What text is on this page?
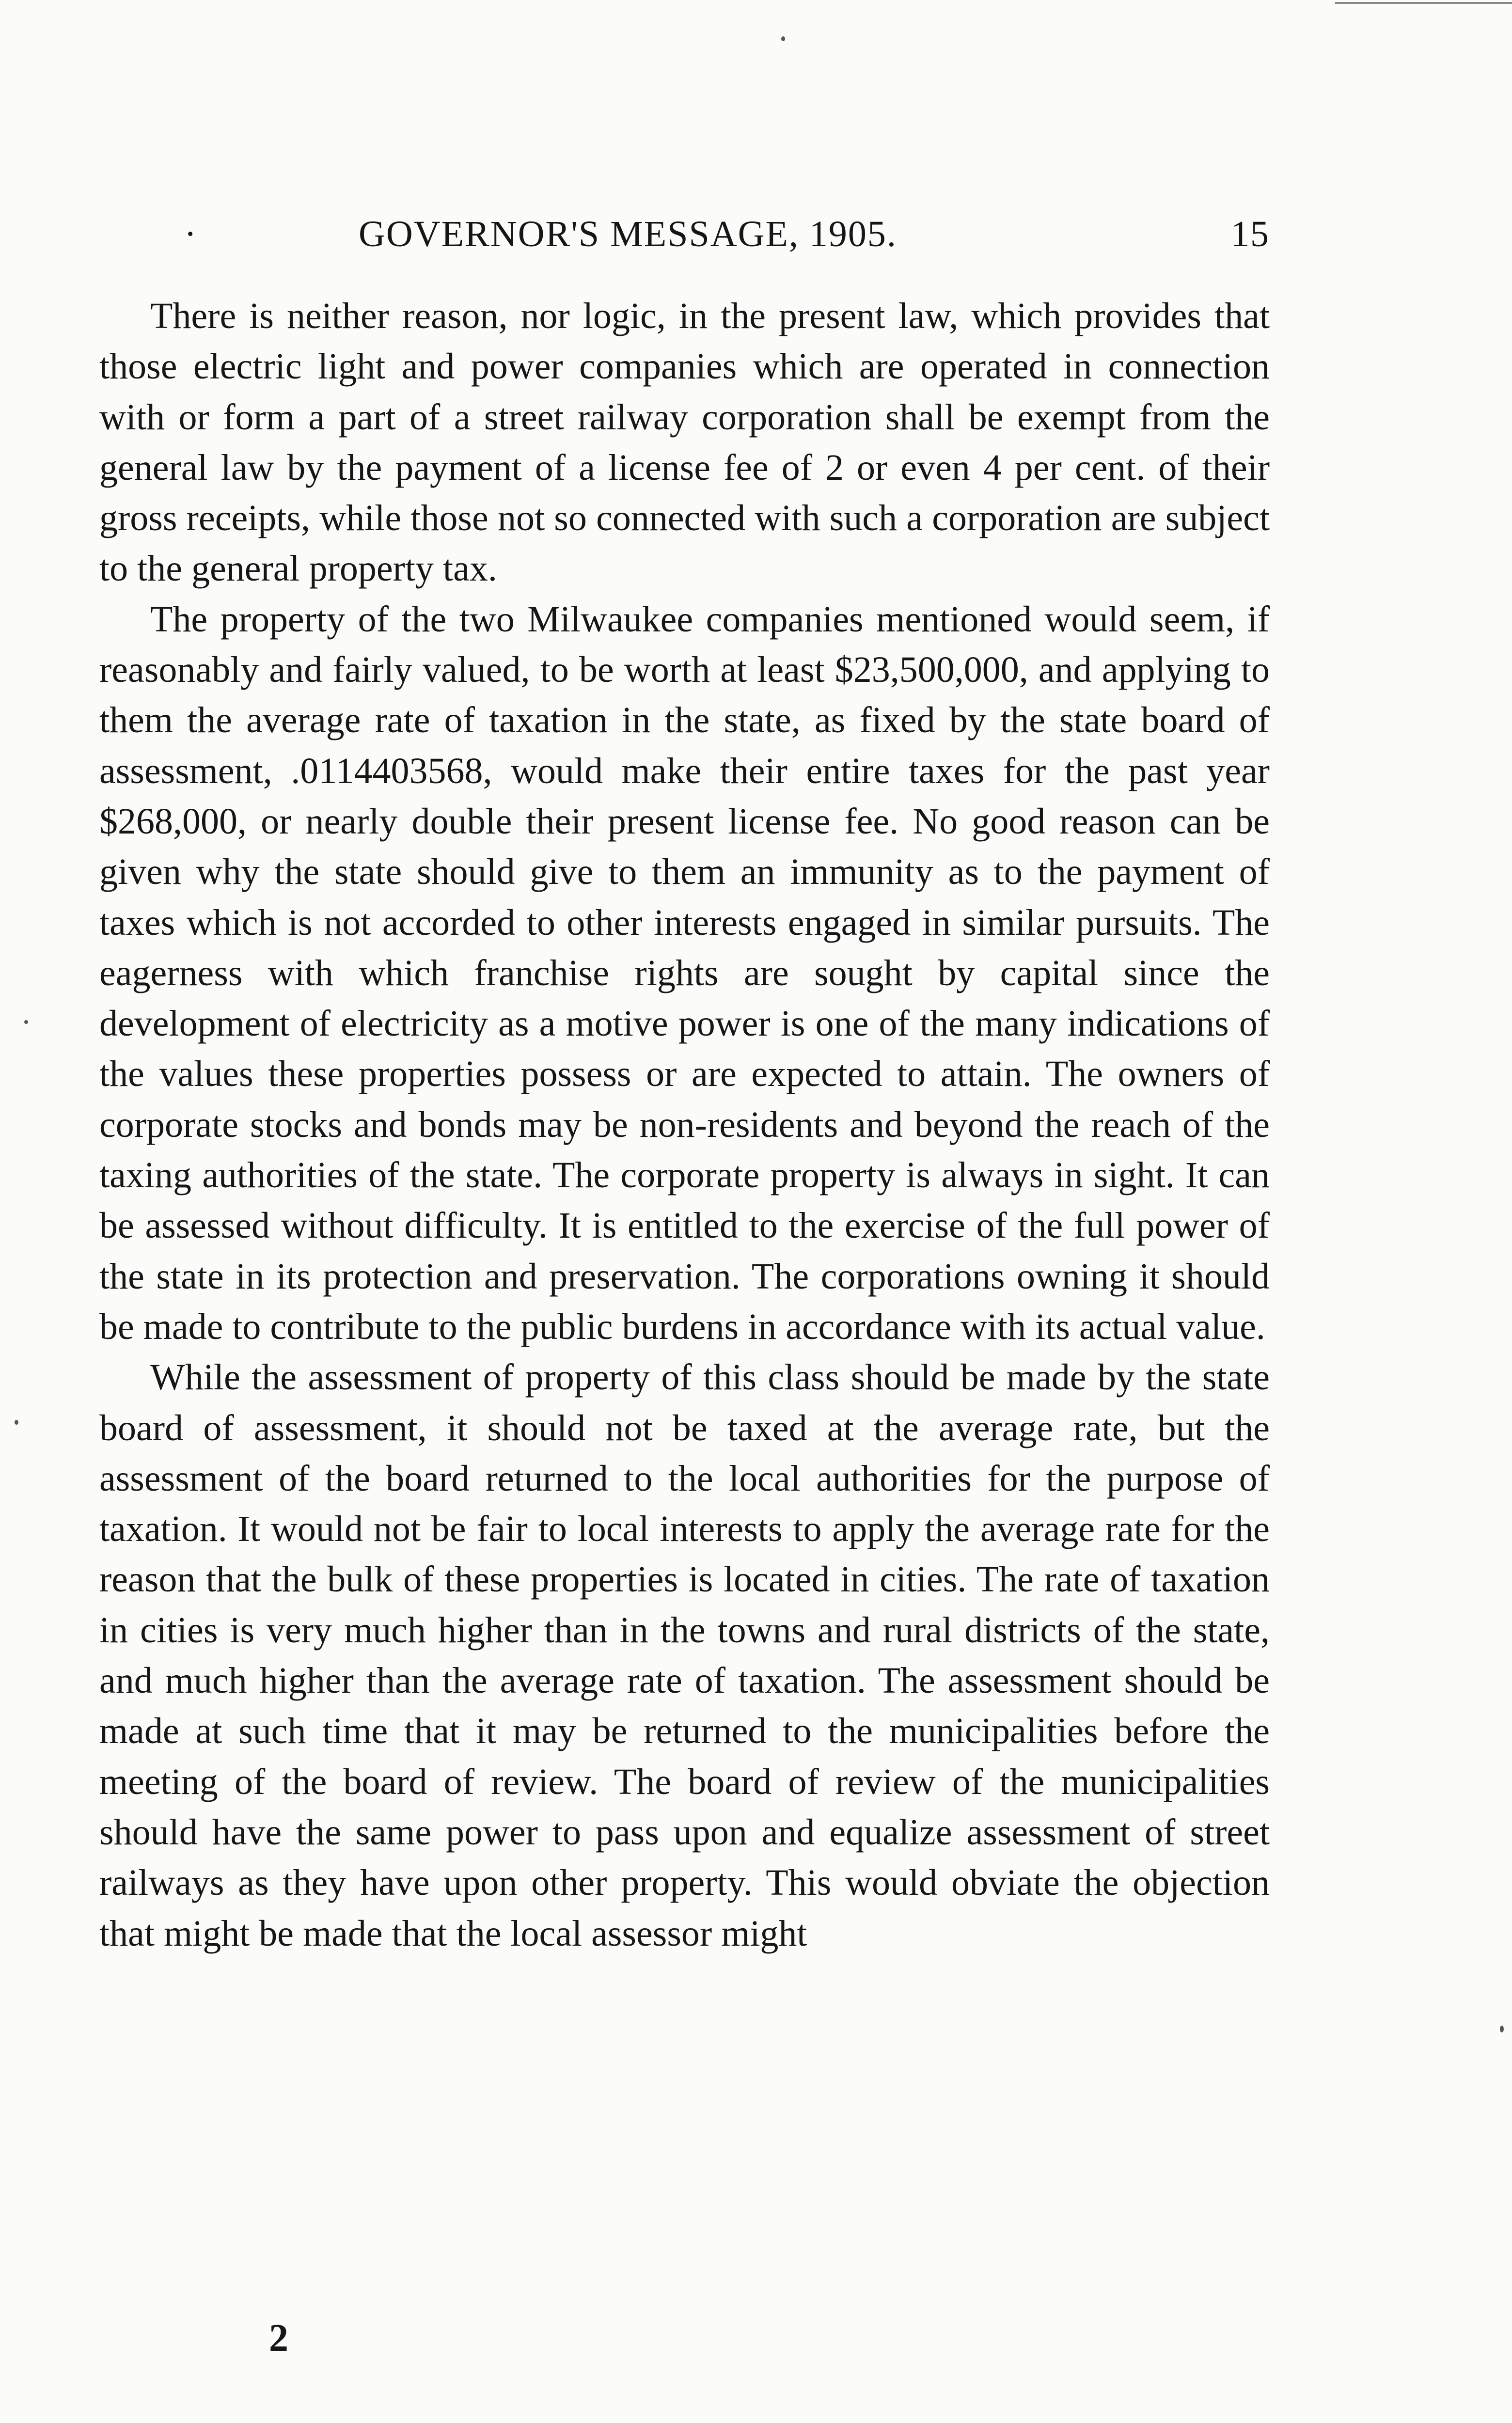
·	GOVERNOR'S MESSAGE, 1905.	15

There is neither reason, nor logic, in the present law, which provides that those electric light and power companies which are operated in connection with or form a part of a street railway corporation shall be exempt from the general law by the payment of a license fee of 2 or even 4 per cent. of their gross receipts, while those not so connected with such a corporation are subject to the general property tax.

The property of the two Milwaukee companies mentioned would seem, if reasonably and fairly valued, to be worth at least $23,500,000, and applying to them the average rate of taxation in the state, as fixed by the state board of assessment, .0114403568, would make their entire taxes for the past year $268,000, or nearly double their present license fee. No good reason can be given why the state should give to them an immunity as to the payment of taxes which is not accorded to other interests engaged in similar pursuits. The eagerness with which franchise rights are sought by capital since the development of electricity as a motive power is one of the many indications of the values these properties possess or are expected to attain. The owners of corporate stocks and bonds may be non-residents and beyond the reach of the taxing authorities of the state. The corporate property is always in sight. It can be assessed without difficulty. It is entitled to the exercise of the full power of the state in its protection and preservation. The corporations owning it should be made to contribute to the public burdens in accordance with its actual value.

While the assessment of property of this class should be made by the state board of assessment, it should not be taxed at the average rate, but the assessment of the board returned to the local authorities for the purpose of taxation. It would not be fair to local interests to apply the average rate for the reason that the bulk of these properties is located in cities. The rate of taxation in cities is very much higher than in the towns and rural districts of the state, and much higher than the average rate of taxation. The assessment should be made at such time that it may be returned to the municipalities before the meeting of the board of review. The board of review of the municipalities should have the same power to pass upon and equalize assessment of street railways as they have upon other property. This would obviate the objection that might be made that the local assessor might

2
